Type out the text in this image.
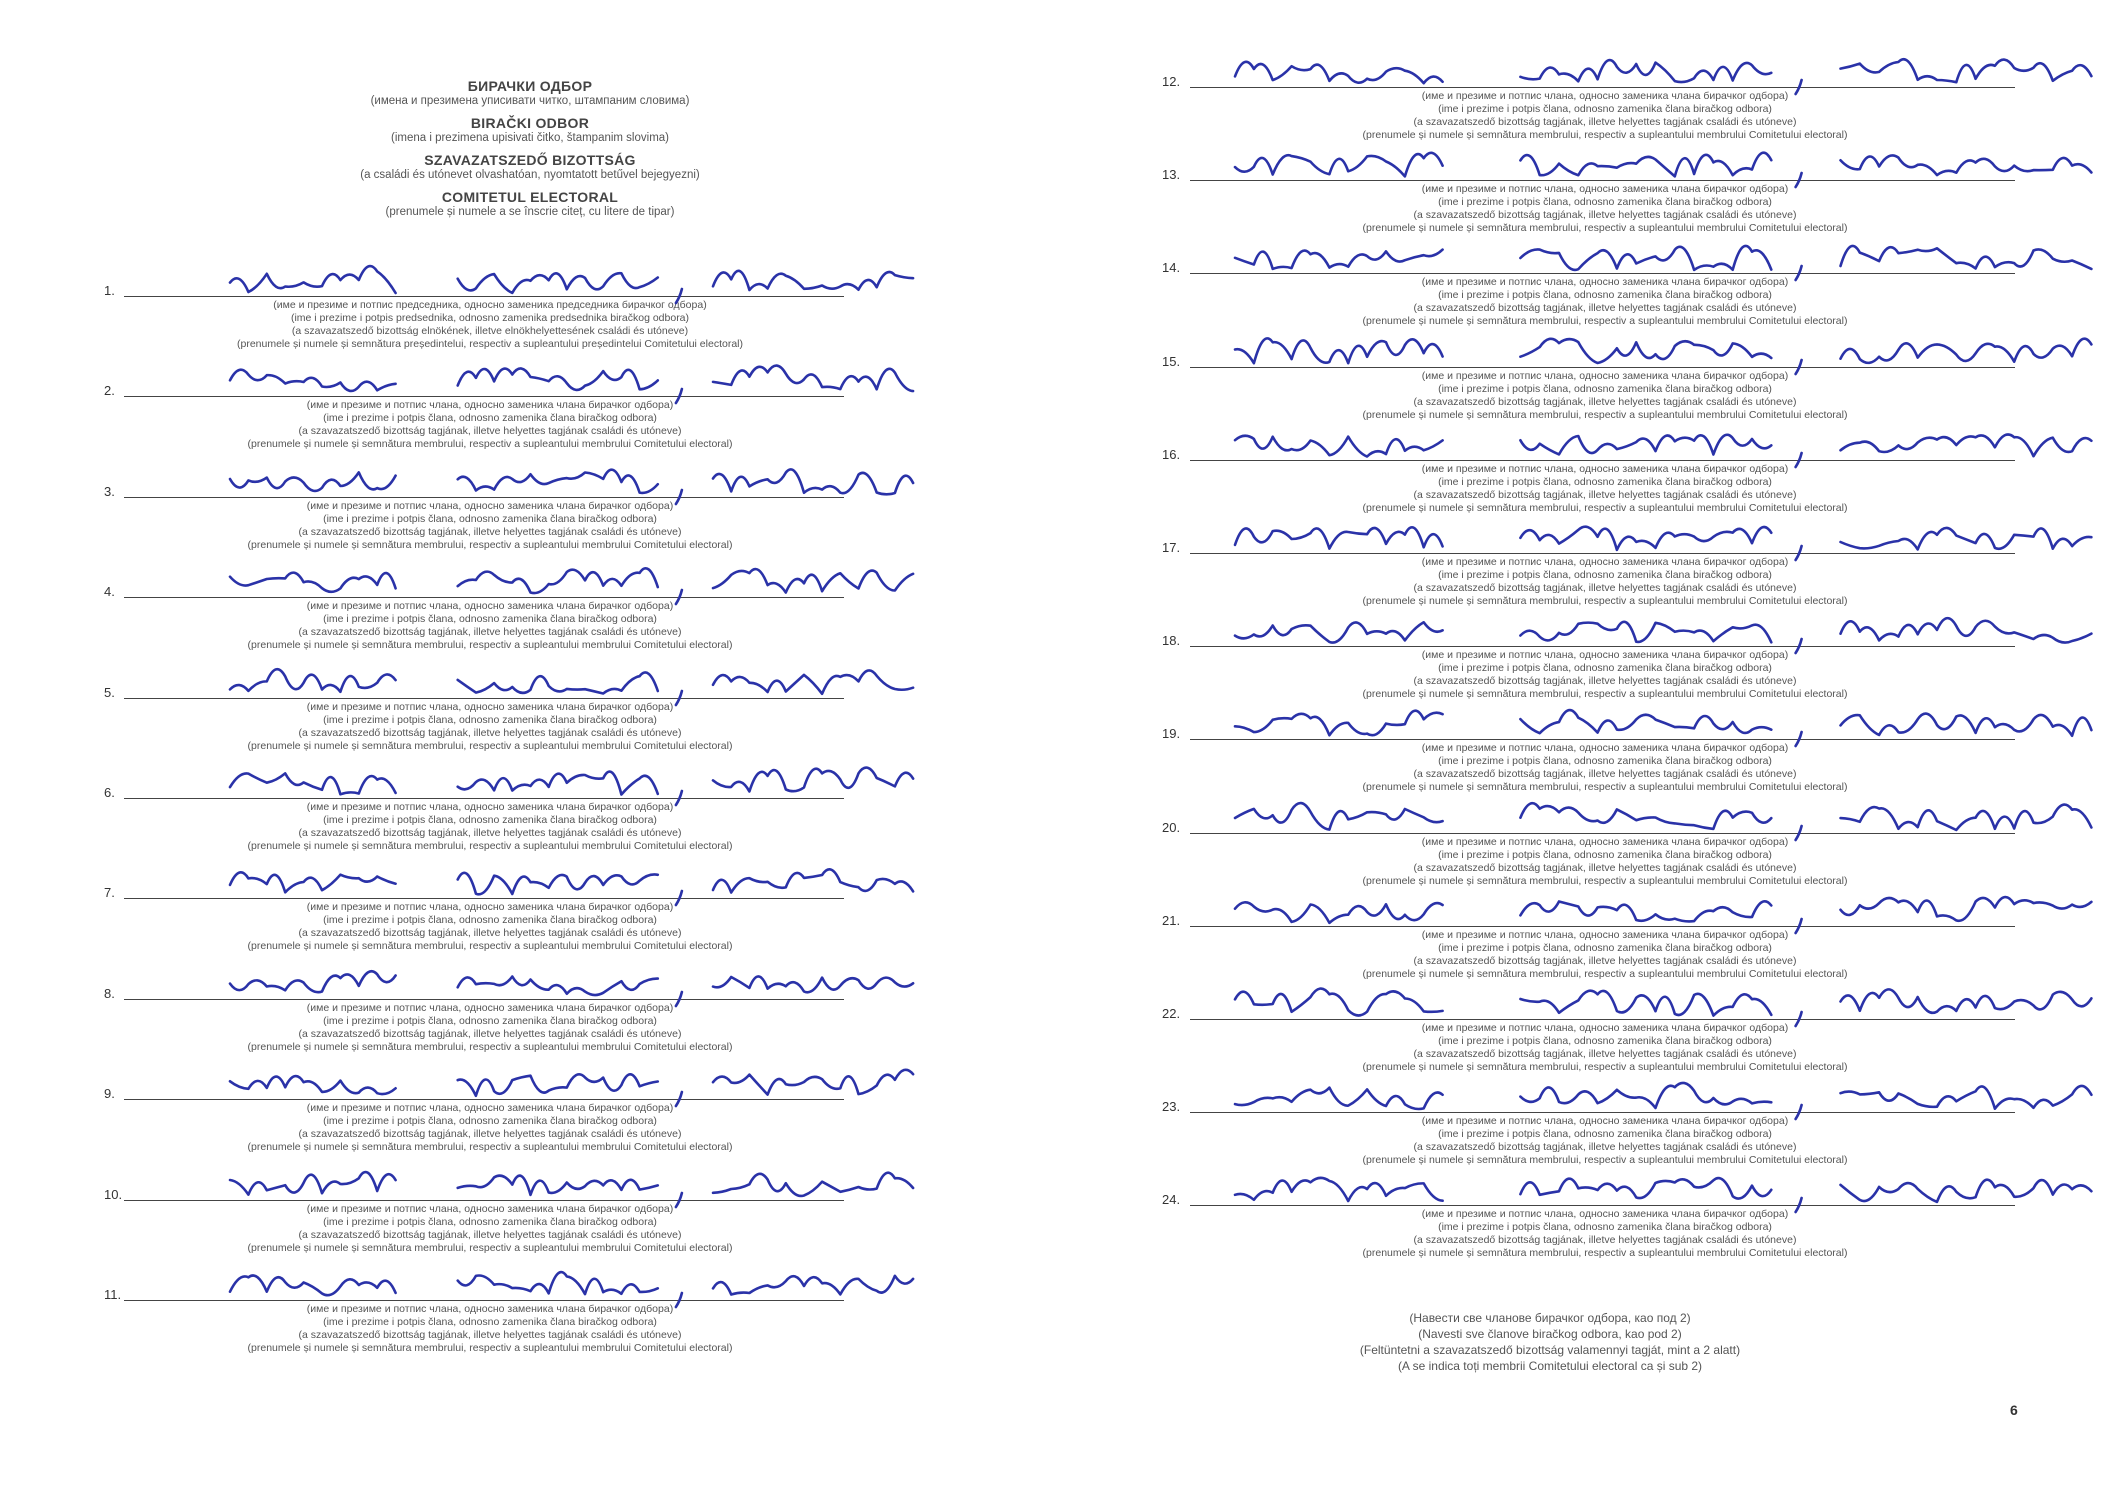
БИРАЧКИ ОДБОР
(имена и презимена уписивати читко, штампаним словима)
BIRAČKI ODBOR
(imena i prezimena upisivati čitko, štampanim slovima)
SZAVAZATSZEDŐ BIZOTTSÁG
(a családi és utónevet olvashatóan, nyomtatott betűvel bejegyezni)
COMITETUL ELECTORAL
(prenumele și numele a se înscrie citeț, cu litere de tipar)
1.
(име и презиме и потпис председника, односно заменика председника бирачког одбора)
(ime i prezime i potpis predsednika, odnosno zamenika predsednika biračkog odbora)
(a szavazatszedő bizottság elnökének, illetve elnökhelyettesének családi és utóneve)
(prenumele și numele și semnătura președintelui, respectiv a supleantului președintelui Comitetului electoral)
2.
(име и презиме и потпис члана, односно заменика члана бирачког одбора)
(ime i prezime i potpis člana, odnosno zamenika člana biračkog odbora)
(a szavazatszedő bizottság tagjának, illetve helyettes tagjának családi és utóneve)
(prenumele și numele și semnătura membrului, respectiv a supleantului membrului Comitetului electoral)
3.
(име и презиме и потпис члана, односно заменика члана бирачког одбора)
(ime i prezime i potpis člana, odnosno zamenika člana biračkog odbora)
(a szavazatszedő bizottság tagjának, illetve helyettes tagjának családi és utóneve)
(prenumele și numele și semnătura membrului, respectiv a supleantului membrului Comitetului electoral)
4.
(име и презиме и потпис члана, односно заменика члана бирачког одбора)
(ime i prezime i potpis člana, odnosno zamenika člana biračkog odbora)
(a szavazatszedő bizottság tagjának, illetve helyettes tagjának családi és utóneve)
(prenumele și numele și semnătura membrului, respectiv a supleantului membrului Comitetului electoral)
5.
(име и презиме и потпис члана, односно заменика члана бирачког одбора)
(ime i prezime i potpis člana, odnosno zamenika člana biračkog odbora)
(a szavazatszedő bizottság tagjának, illetve helyettes tagjának családi és utóneve)
(prenumele și numele și semnătura membrului, respectiv a supleantului membrului Comitetului electoral)
6.
(име и презиме и потпис члана, односно заменика члана бирачког одбора)
(ime i prezime i potpis člana, odnosno zamenika člana biračkog odbora)
(a szavazatszedő bizottság tagjának, illetve helyettes tagjának családi és utóneve)
(prenumele și numele și semnătura membrului, respectiv a supleantului membrului Comitetului electoral)
7.
(име и презиме и потпис члана, односно заменика члана бирачког одбора)
(ime i prezime i potpis člana, odnosno zamenika člana biračkog odbora)
(a szavazatszedő bizottság tagjának, illetve helyettes tagjának családi és utóneve)
(prenumele și numele și semnătura membrului, respectiv a supleantului membrului Comitetului electoral)
8.
(име и презиме и потпис члана, односно заменика члана бирачког одбора)
(ime i prezime i potpis člana, odnosno zamenika člana biračkog odbora)
(a szavazatszedő bizottság tagjának, illetve helyettes tagjának családi és utóneve)
(prenumele și numele și semnătura membrului, respectiv a supleantului membrului Comitetului electoral)
9.
(име и презиме и потпис члана, односно заменика члана бирачког одбора)
(ime i prezime i potpis člana, odnosno zamenika člana biračkog odbora)
(a szavazatszedő bizottság tagjának, illetve helyettes tagjának családi és utóneve)
(prenumele și numele și semnătura membrului, respectiv a supleantului membrului Comitetului electoral)
10.
(име и презиме и потпис члана, односно заменика члана бирачког одбора)
(ime i prezime i potpis člana, odnosno zamenika člana biračkog odbora)
(a szavazatszedő bizottság tagjának, illetve helyettes tagjának családi és utóneve)
(prenumele și numele și semnătura membrului, respectiv a supleantului membrului Comitetului electoral)
11.
(име и презиме и потпис члана, односно заменика члана бирачког одбора)
(ime i prezime i potpis člana, odnosno zamenika člana biračkog odbora)
(a szavazatszedő bizottság tagjának, illetve helyettes tagjának családi és utóneve)
(prenumele și numele și semnătura membrului, respectiv a supleantului membrului Comitetului electoral)
12.
(име и презиме и потпис члана, односно заменика члана бирачког одбора)
(ime i prezime i potpis člana, odnosno zamenika člana biračkog odbora)
(a szavazatszedő bizottság tagjának, illetve helyettes tagjának családi és utóneve)
(prenumele și numele și semnătura membrului, respectiv a supleantului membrului Comitetului electoral)
13.
(име и презиме и потпис члана, односно заменика члана бирачког одбора)
(ime i prezime i potpis člana, odnosno zamenika člana biračkog odbora)
(a szavazatszedő bizottság tagjának, illetve helyettes tagjának családi és utóneve)
(prenumele și numele și semnătura membrului, respectiv a supleantului membrului Comitetului electoral)
14.
(име и презиме и потпис члана, односно заменика члана бирачког одбора)
(ime i prezime i potpis člana, odnosno zamenika člana biračkog odbora)
(a szavazatszedő bizottság tagjának, illetve helyettes tagjának családi és utóneve)
(prenumele și numele și semnătura membrului, respectiv a supleantului membrului Comitetului electoral)
15.
(име и презиме и потпис члана, односно заменика члана бирачког одбора)
(ime i prezime i potpis člana, odnosno zamenika člana biračkog odbora)
(a szavazatszedő bizottság tagjának, illetve helyettes tagjának családi és utóneve)
(prenumele și numele și semnătura membrului, respectiv a supleantului membrului Comitetului electoral)
16.
(име и презиме и потпис члана, односно заменика члана бирачког одбора)
(ime i prezime i potpis člana, odnosno zamenika člana biračkog odbora)
(a szavazatszedő bizottság tagjának, illetve helyettes tagjának családi és utóneve)
(prenumele și numele și semnătura membrului, respectiv a supleantului membrului Comitetului electoral)
17.
(име и презиме и потпис члана, односно заменика члана бирачког одбора)
(ime i prezime i potpis člana, odnosno zamenika člana biračkog odbora)
(a szavazatszedő bizottság tagjának, illetve helyettes tagjának családi és utóneve)
(prenumele și numele și semnătura membrului, respectiv a supleantului membrului Comitetului electoral)
18.
(име и презиме и потпис члана, односно заменика члана бирачког одбора)
(ime i prezime i potpis člana, odnosno zamenika člana biračkog odbora)
(a szavazatszedő bizottság tagjának, illetve helyettes tagjának családi és utóneve)
(prenumele și numele și semnătura membrului, respectiv a supleantului membrului Comitetului electoral)
19.
(име и презиме и потпис члана, односно заменика члана бирачког одбора)
(ime i prezime i potpis člana, odnosno zamenika člana biračkog odbora)
(a szavazatszedő bizottság tagjának, illetve helyettes tagjának családi és utóneve)
(prenumele și numele și semnătura membrului, respectiv a supleantului membrului Comitetului electoral)
20.
(име и презиме и потпис члана, односно заменика члана бирачког одбора)
(ime i prezime i potpis člana, odnosno zamenika člana biračkog odbora)
(a szavazatszedő bizottság tagjának, illetve helyettes tagjának családi és utóneve)
(prenumele și numele și semnătura membrului, respectiv a supleantului membrului Comitetului electoral)
21.
(име и презиме и потпис члана, односно заменика члана бирачког одбора)
(ime i prezime i potpis člana, odnosno zamenika člana biračkog odbora)
(a szavazatszedő bizottság tagjának, illetve helyettes tagjának családi és utóneve)
(prenumele și numele și semnătura membrului, respectiv a supleantului membrului Comitetului electoral)
22.
(име и презиме и потпис члана, односно заменика члана бирачког одбора)
(ime i prezime i potpis člana, odnosno zamenika člana biračkog odbora)
(a szavazatszedő bizottság tagjának, illetve helyettes tagjának családi és utóneve)
(prenumele și numele și semnătura membrului, respectiv a supleantului membrului Comitetului electoral)
23.
(име и презиме и потпис члана, односно заменика члана бирачког одбора)
(ime i prezime i potpis člana, odnosno zamenika člana biračkog odbora)
(a szavazatszedő bizottság tagjának, illetve helyettes tagjának családi és utóneve)
(prenumele și numele și semnătura membrului, respectiv a supleantului membrului Comitetului electoral)
24.
(име и презиме и потпис члана, односно заменика члана бирачког одбора)
(ime i prezime i potpis člana, odnosno zamenika člana biračkog odbora)
(a szavazatszedő bizottság tagjának, illetve helyettes tagjának családi és utóneve)
(prenumele și numele și semnătura membrului, respectiv a supleantului membrului Comitetului electoral)
(Навести све чланове бирачког одбора, као под 2)
(Navesti sve članove biračkog odbora, kao pod 2)
(Feltüntetni a szavazatszedő bizottság valamennyi tagját, mint a 2 alatt)
(A se indica toți membrii Comitetului electoral ca și sub 2)
6
